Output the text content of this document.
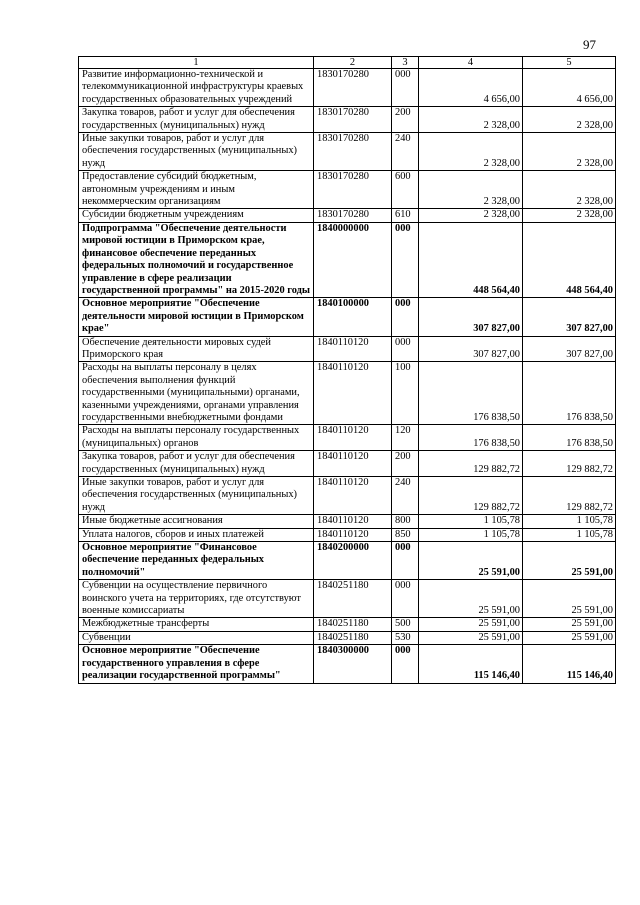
97
1	2	3	4	5
Развитие информационно-технической и телекоммуникационной инфраструктуры краевых государственных образовательных учреждений	1830170280	000	4 656,00	4 656,00
Закупка товаров, работ и услуг для обеспечения государственных (муниципальных) нужд	1830170280	200	2 328,00	2 328,00
Иные закупки товаров, работ и услуг для обеспечения государственных (муниципальных) нужд	1830170280	240	2 328,00	2 328,00
Предоставление субсидий бюджетным, автономным учреждениям и иным некоммерческим организациям	1830170280	600	2 328,00	2 328,00
Субсидии бюджетным учреждениям	1830170280	610	2 328,00	2 328,00
Подпрограмма "Обеспечение деятельности мировой юстиции в Приморском крае, финансовое обеспечение переданных федеральных полномочий и государственное управление в сфере реализации государственной программы" на 2015-2020 годы	1840000000	000	448 564,40	448 564,40
Основное мероприятие "Обеспечение деятельности мировой юстиции в Приморском крае"	1840100000	000	307 827,00	307 827,00
Обеспечение деятельности мировых судей Приморского края	1840110120	000	307 827,00	307 827,00
Расходы на выплаты персоналу в целях обеспечения выполнения функций государственными (муниципальными) органами, казенными учреждениями, органами управления государственными внебюджетными фондами	1840110120	100	176 838,50	176 838,50
Расходы на выплаты персоналу государственных (муниципальных) органов	1840110120	120	176 838,50	176 838,50
Закупка товаров, работ и услуг для обеспечения государственных (муниципальных) нужд	1840110120	200	129 882,72	129 882,72
Иные закупки товаров, работ и услуг для обеспечения государственных (муниципальных) нужд	1840110120	240	129 882,72	129 882,72
Иные бюджетные ассигнования	1840110120	800	1 105,78	1 105,78
Уплата налогов, сборов и иных платежей	1840110120	850	1 105,78	1 105,78
Основное мероприятие "Финансовое обеспечение переданных федеральных полномочий"	1840200000	000	25 591,00	25 591,00
Субвенции на осуществление первичного воинского учета на территориях, где отсутствуют военные комиссариаты	1840251180	000	25 591,00	25 591,00
Межбюджетные трансферты	1840251180	500	25 591,00	25 591,00
Субвенции	1840251180	530	25 591,00	25 591,00
Основное мероприятие "Обеспечение государственного управления в сфере реализации государственной программы"	1840300000	000	115 146,40	115 146,40
